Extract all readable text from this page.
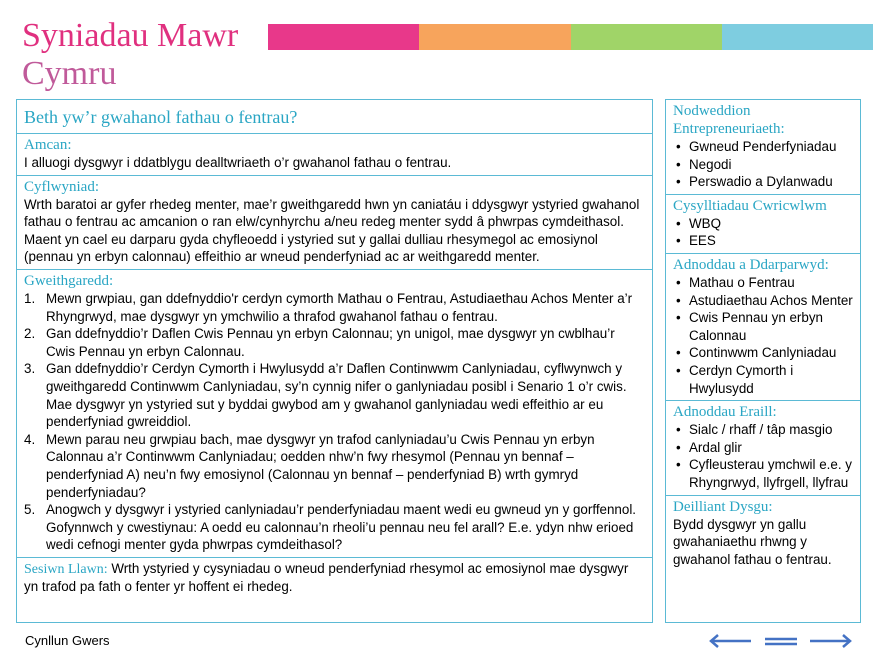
Syniadau Mawr
Cymru
Beth yw’r gwahanol fathau o fentrau?
Amcan:
I alluogi dysgwyr i ddatblygu dealltwriaeth o’r gwahanol fathau o fentrau.
Cyflwyniad:
Wrth baratoi ar gyfer rhedeg menter, mae’r gweithgaredd hwn yn caniatáu i ddysgwyr ystyried gwahanol fathau o fentrau ac amcanion o ran elw/cynhyrchu a/neu redeg menter sydd â phwrpas cymdeithasol. Maent yn cael eu darparu gyda chyfleoedd i ystyried sut y gallai dulliau rhesymegol ac emosiynol (pennau yn erbyn calonnau) effeithio ar wneud penderfyniad ac ar weithgaredd menter.
Gweithgaredd:
1. Mewn grwpiau, gan ddefnyddio'r cerdyn cymorth Mathau o Fentrau, Astudiaethau Achos Menter a’r Rhyngrwyd, mae dysgwyr yn ymchwilio a thrafod gwahanol fathau o fentrau.
2. Gan ddefnyddio’r Daflen Cwis Pennau yn erbyn Calonnau; yn unigol, mae dysgwyr yn cwblhau’r Cwis Pennau yn erbyn Calonnau.
3. Gan ddefnyddio’r Cerdyn Cymorth i Hwylusydd a’r Daflen Continwwm Canlyniadau, cyflwynwch y gweithgaredd Continwwm Canlyniadau, sy’n cynnig nifer o ganlyniadau posibl i Senario 1 o’r cwis. Mae dysgwyr yn ystyried sut y byddai gwybod am y gwahanol ganlyniadau wedi effeithio ar eu penderfyniad gwreiddiol.
4. Mewn parau neu grwpiau bach, mae dysgwyr yn trafod canlyniadau’u Cwis Pennau yn erbyn Calonnau a’r Continwwm Canlyniadau; oedden nhw’n fwy rhesymol (Pennau yn bennaf – penderfyniad A) neu’n fwy emosiynol (Calonnau yn bennaf – penderfyniad B) wrth gymryd penderfyniadau?
5. Anogwch y dysgwyr i ystyried canlyniadau’r penderfyniadau maent wedi eu gwneud yn y gorffennol. Gofynnwch y cwestiynau: A oedd eu calonnau’n rheoli’u pennau neu fel arall? E.e. ydyn nhw erioed wedi cefnogi menter gyda phwrpas cymdeithasol?
Sesiwn Llawn: Wrth ystyried y cysyniadau o wneud penderfyniad rhesymol ac emosiynol mae dysgwyr yn trafod pa fath o fenter yr hoffent ei rhedeg.
Nodweddion Entrepreneuriaeth:
• Gwneud Penderfyniadau
• Negodi
• Perswadio a Dylanwadu
Cysylltiadau Cwricwlwm
• WBQ
• EES
Adnoddau a Ddarparwyd:
• Mathau o Fentrau
• Astudiaethau Achos Menter
• Cwis Pennau yn erbyn Calonnau
• Continwwm Canlyniadau
• Cerdyn Cymorth i Hwylusydd
Adnoddau Eraill:
• Sialc / rhaff / tâp masgio
• Ardal glir
• Cyfleusterau ymchwil e.e. y Rhyngrwyd, llyfrgell, llyfrau
Deilliant Dysgu:
Bydd dysgwyr yn gallu gwahaniaethu rhwng y gwahanol fathau o fentrau.
Cynllun Gwers
